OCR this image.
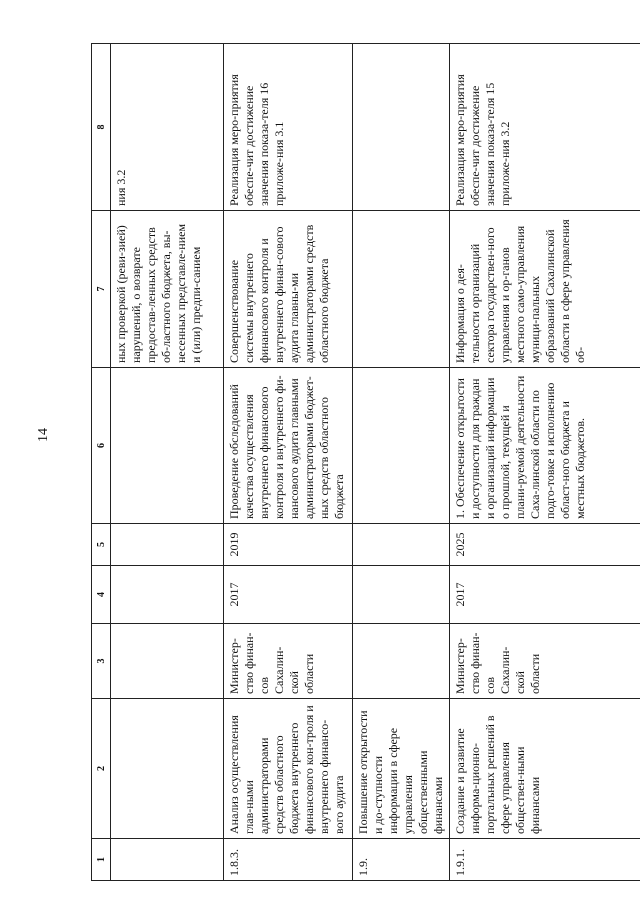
14
1	2	3	4	5	6	7	8
						ных проверкой (реви-зией) нарушений, о возврате предостав-ленных средств об-ластного бюджета, вы-несенных представле-нием и (или) предпи-санием	ния 3.2
1.8.3.	Анализ осуществления глав-ными администраторами средств областного бюджета внутреннего финансового кон-троля и внутреннего финансо-вого аудита	Министер-ство финан-сов Сахалин-ской области	2017	2019	Проведение обследований качества осуществления внутреннего финансового контроля и внутреннего фи-нансового аудита главными администраторами бюджет-ных средств областного бюджета	Совершенствование системы внутреннего финансового контроля и внутреннего финан-сового аудита главны-ми администраторами средств областного бюджета	Реализация меро-приятия обеспе-чит достижение значения показа-теля 16 приложе-ния 3.1
1.9.	Повышение открытости и до-ступности информации в сфере управления общественными финансами						
1.9.1.	Создание и развитие информа-ционно-порталъных решений в сфере управления обществен-ными финансами	Министер-ство финан-сов Сахалин-ской области	2017	2025	1. Обеспечение открытости и доступности для граждан и организаций информации о прошлой, текущей и плани-руемой деятельности Саха-линской области по подго-товке и исполнению област-ного бюджета и местных бюджетов.	Информация о дея-тельности организаций сектора государствен-ного управления и ор-ганов местного само-управления муници-пальных образований Сахалинской области в сфере управления об-	Реализация меро-приятия обеспе-чит достижение значения показа-теля 15 приложе-ния 3.2
